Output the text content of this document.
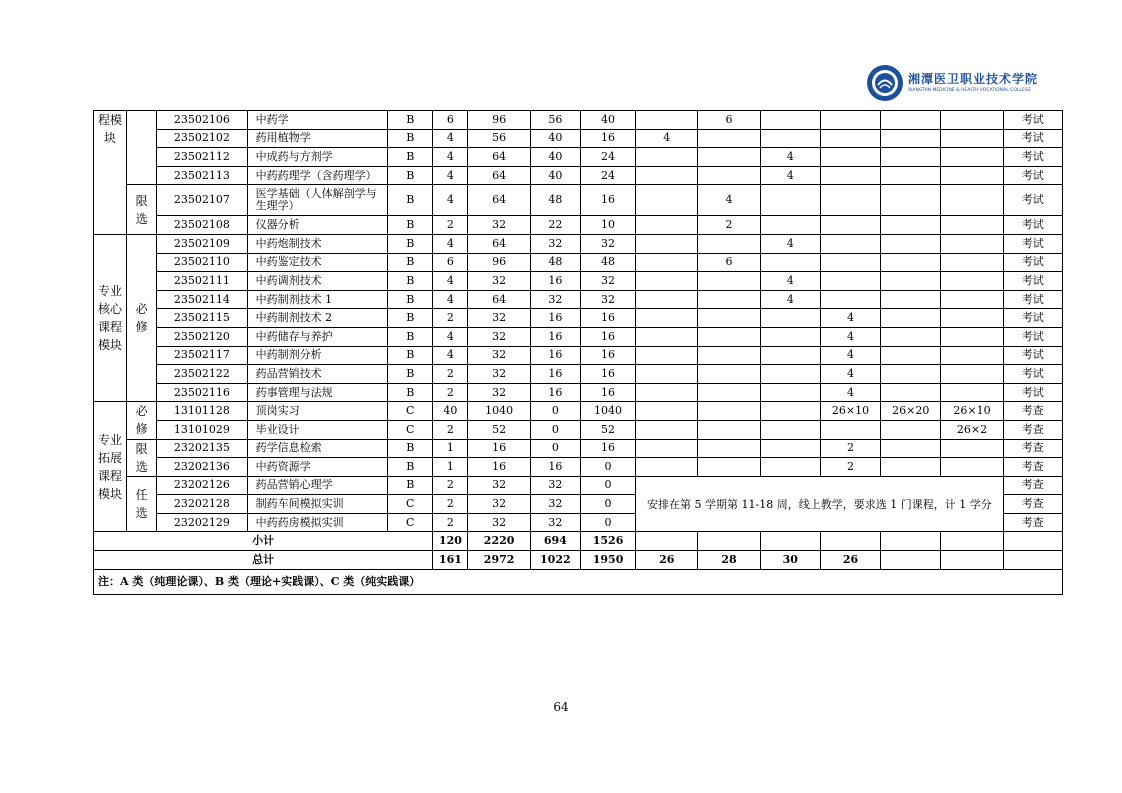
湘潭医卫职业技术学院
XIANGTAN MEDICINE & HEALTH VOCATIONAL COLLEGE
程模块		23502106	中药学	B	6	96	56	40		6					考试
		23502102	药用植物学	B	4	56	40	16	4						考试
		23502112	中成药与方剂学	B	4	64	40	24			4				考试
		23502113	中药药理学（含药理学）	B	4	64	40	24			4				考试
	限选	23502107	医学基础（人体解剖学与生理学）	B	4	64	48	16		4					考试
		23502108	仪器分析	B	2	32	22	10		2					考试
专业核心课程模块	必修	23502109	中药炮制技术	B	4	64	32	32			4				考试
		23502110	中药鉴定技术	B	6	96	48	48		6					考试
		23502111	中药调剂技术	B	4	32	16	32			4				考试
		23502114	中药制剂技术 1	B	4	64	32	32			4				考试
		23502115	中药制剂技术 2	B	2	32	16	16				4			考试
		23502120	中药储存与养护	B	4	32	16	16				4			考试
		23502117	中药制剂分析	B	4	32	16	16				4			考试
		23502122	药品营销技术	B	2	32	16	16				4			考试
		23502116	药事管理与法规	B	2	32	16	16				4			考试
专业拓展课程模块	必修	13101128	顶岗实习	C	40	1040	0	1040				26×10	26×20	26×10	考查
		13101029	毕业设计	C	2	52	0	52						26×2	考查
	限选	23202135	药学信息检索	B	1	16	0	16				2			考查
		23202136	中药资源学	B	1	16	16	0				2			考查
	任选	23202126	药品营销心理学	B	2	32	32	0	安排在第 5 学期第 11-18 周，线上教学，要求选 1 门课程，计 1 学分						考查
		23202128	制药车间模拟实训	C	2	32	32	0							考查
		23202129	中药药房模拟实训	C	2	32	32	0							考查
小计					120	2220	694	1526							
总计					161	2972	1022	1950	26	28	30	26			
注：A 类（纯理论课）、B 类（理论+实践课）、C 类（纯实践课）															
64
